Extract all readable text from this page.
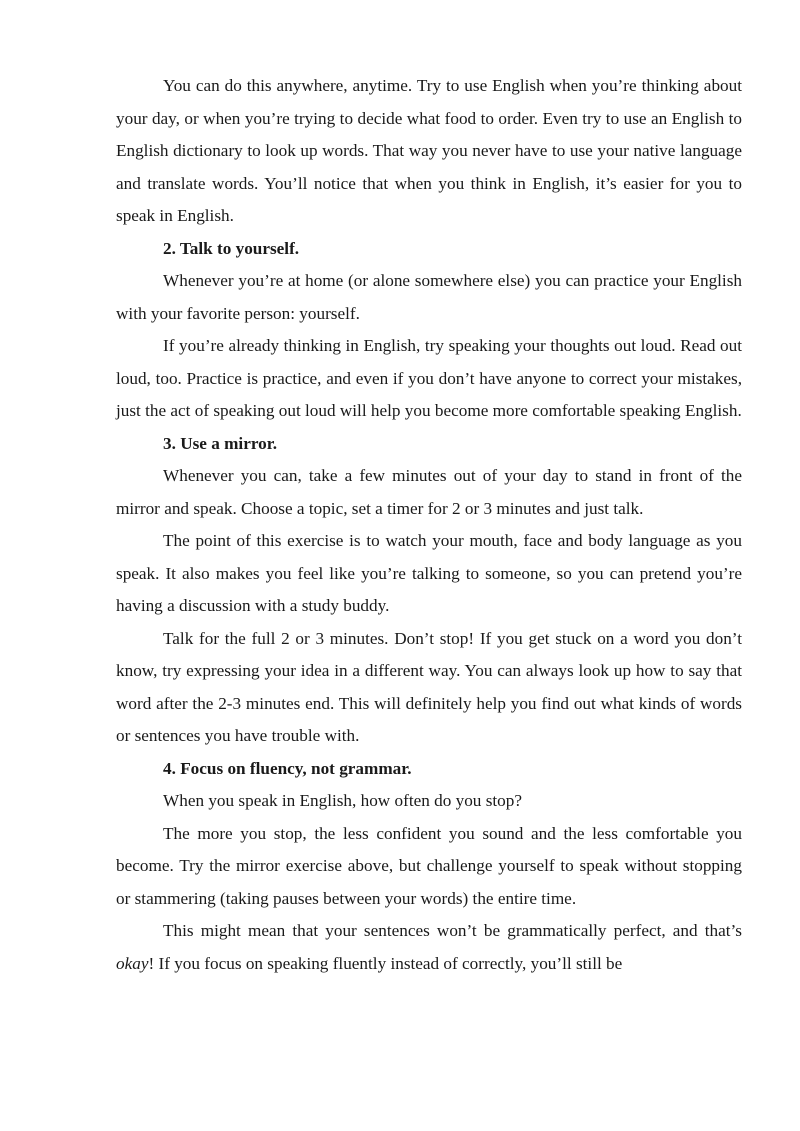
You can do this anywhere, anytime. Try to use English when you’re thinking about your day, or when you’re trying to decide what food to order. Even try to use an English to English dictionary to look up words. That way you never have to use your native language and translate words. You’ll notice that when you think in English, it’s easier for you to speak in English.

2. Talk to yourself.

Whenever you’re at home (or alone somewhere else) you can practice your English with your favorite person: yourself.

If you’re already thinking in English, try speaking your thoughts out loud. Read out loud, too. Practice is practice, and even if you don’t have anyone to correct your mistakes, just the act of speaking out loud will help you become more comfortable speaking English.

3. Use a mirror.

Whenever you can, take a few minutes out of your day to stand in front of the mirror and speak. Choose a topic, set a timer for 2 or 3 minutes and just talk.

The point of this exercise is to watch your mouth, face and body language as you speak. It also makes you feel like you’re talking to someone, so you can pretend you’re having a discussion with a study buddy.

Talk for the full 2 or 3 minutes. Don’t stop! If you get stuck on a word you don’t know, try expressing your idea in a different way. You can always look up how to say that word after the 2-3 minutes end. This will definitely help you find out what kinds of words or sentences you have trouble with.

4. Focus on fluency, not grammar.

When you speak in English, how often do you stop?

The more you stop, the less confident you sound and the less comfortable you become. Try the mirror exercise above, but challenge yourself to speak without stopping or stammering (taking pauses between your words) the entire time.

This might mean that your sentences won’t be grammatically perfect, and that’s okay! If you focus on speaking fluently instead of correctly, you’ll still be
